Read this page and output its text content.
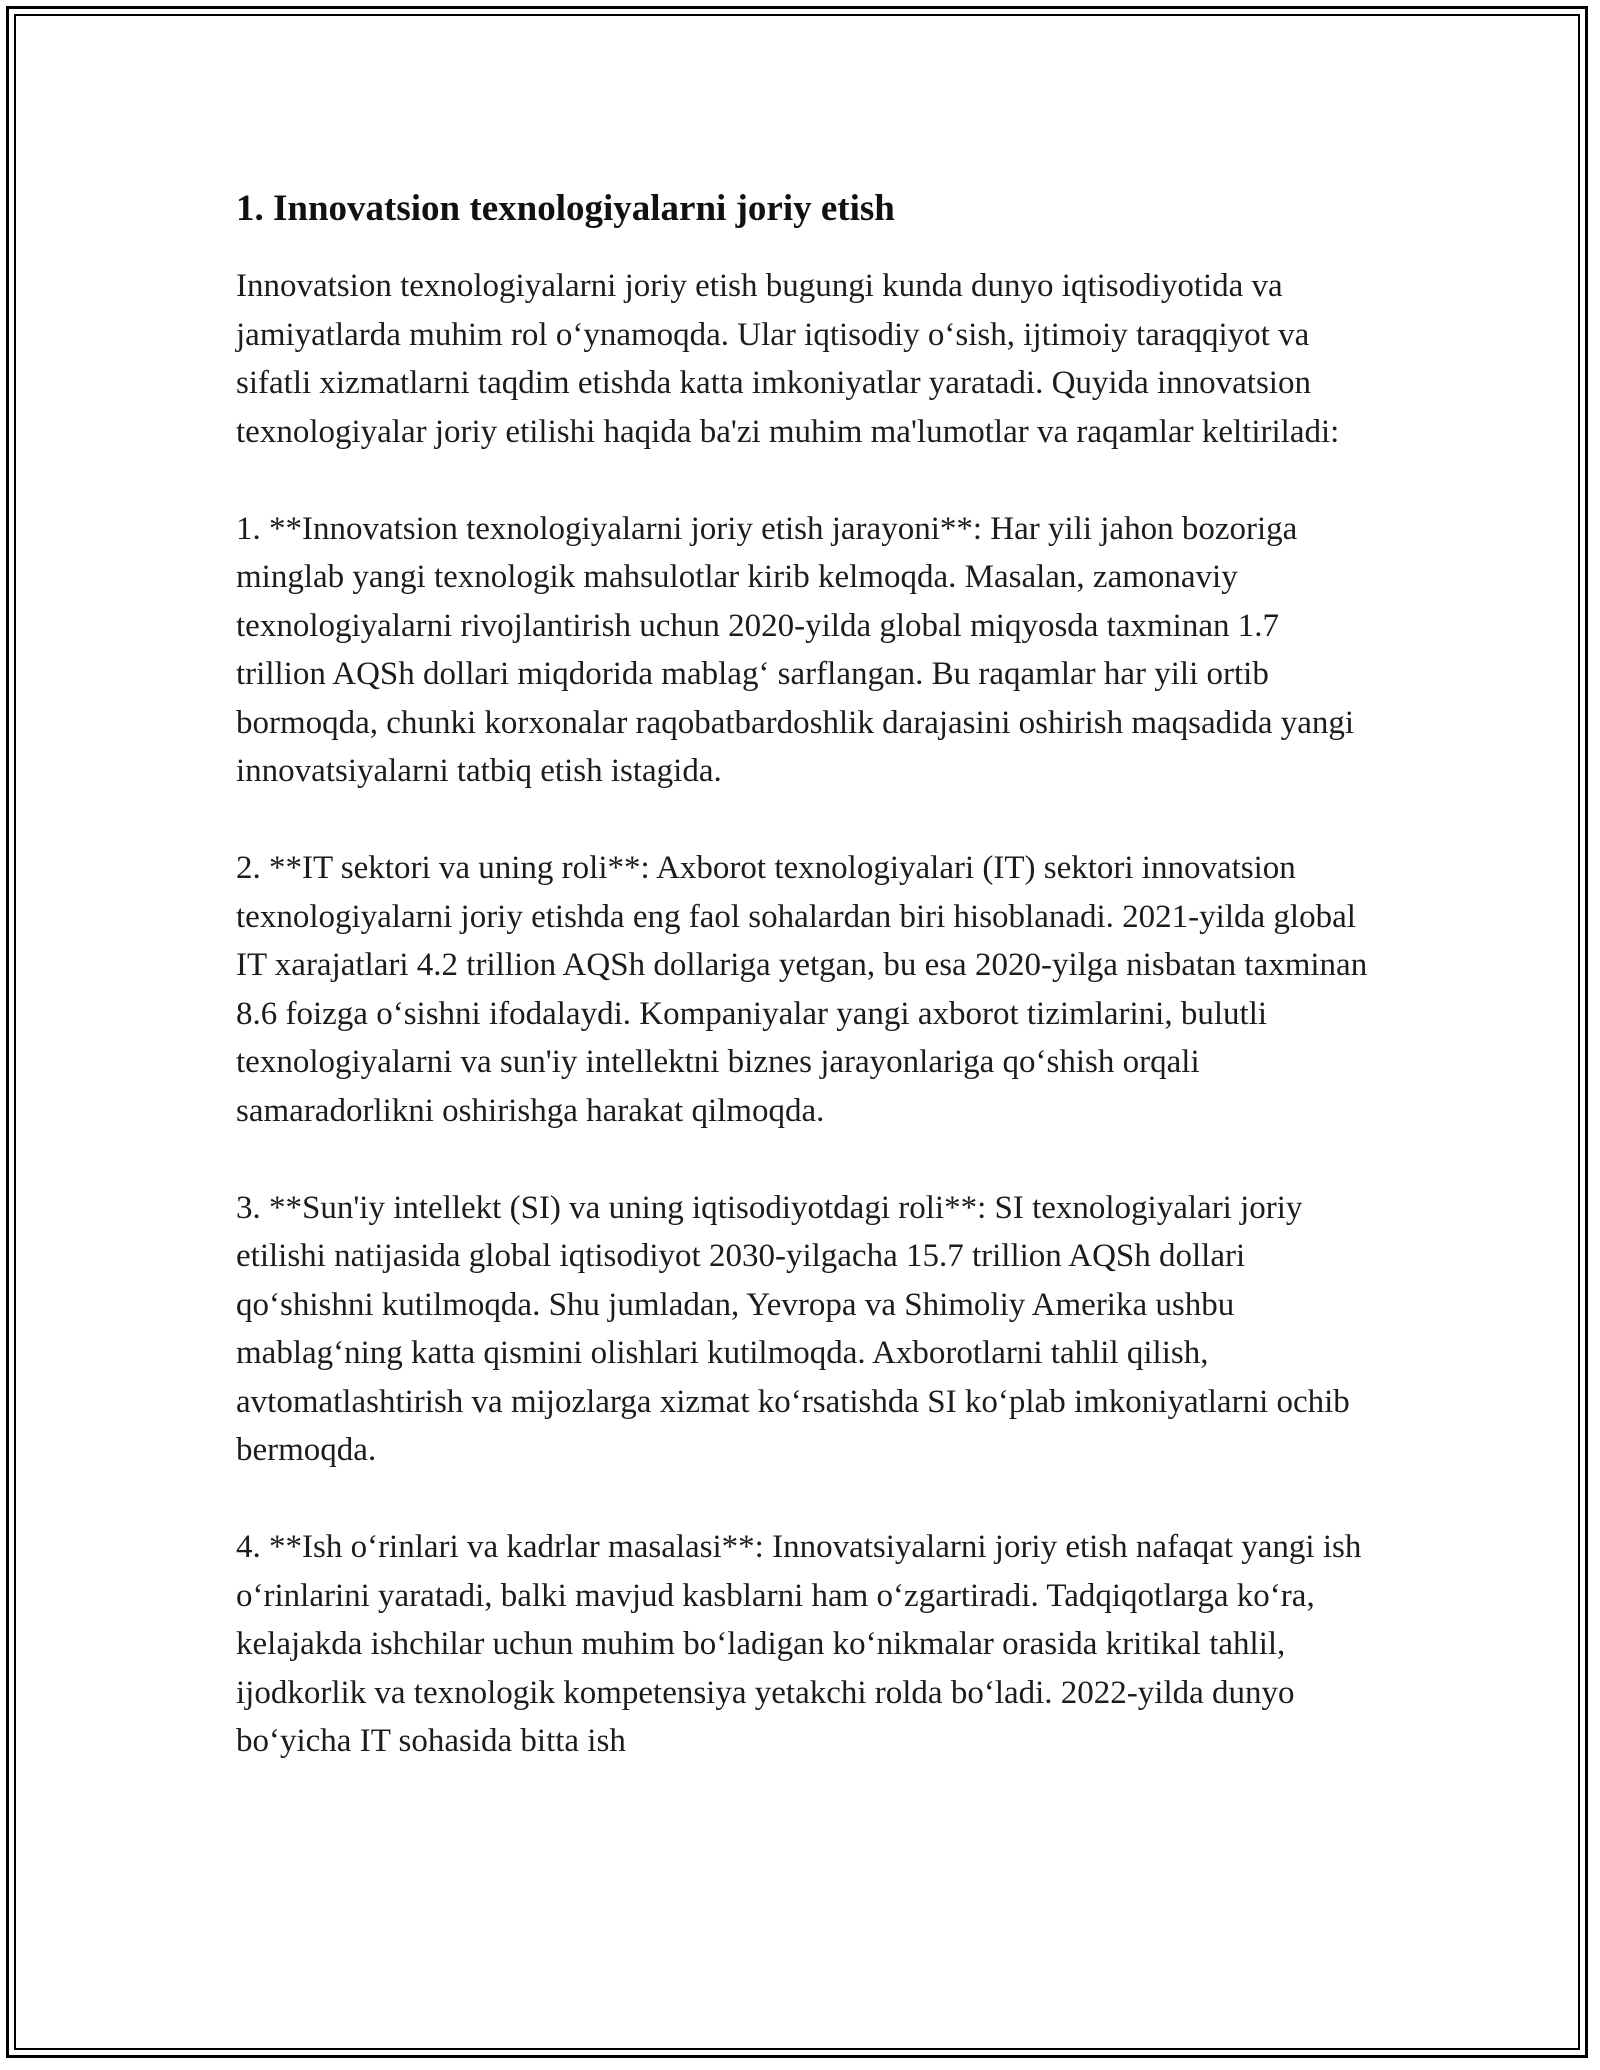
1. Innovatsion texnologiyalarni joriy etish

Innovatsion texnologiyalarni joriy etish bugungi kunda dunyo iqtisodiyotida va jamiyatlarda muhim rol o‘ynamoqda. Ular iqtisodiy o‘sish, ijtimoiy taraqqiyot va sifatli xizmatlarni taqdim etishda katta imkoniyatlar yaratadi. Quyida innovatsion texnologiyalar joriy etilishi haqida ba'zi muhim ma'lumotlar va raqamlar keltiriladi:

1. **Innovatsion texnologiyalarni joriy etish jarayoni**: Har yili jahon bozoriga minglab yangi texnologik mahsulotlar kirib kelmoqda. Masalan, zamonaviy texnologiyalarni rivojlantirish uchun 2020-yilda global miqyosda taxminan 1.7 trillion AQSh dollari miqdorida mablag‘ sarflangan. Bu raqamlar har yili ortib bormoqda, chunki korxonalar raqobatbardoshlik darajasini oshirish maqsadida yangi innovatsiyalarni tatbiq etish istagida.

2. **IT sektori va uning roli**: Axborot texnologiyalari (IT) sektori innovatsion texnologiyalarni joriy etishda eng faol sohalardan biri hisoblanadi. 2021-yilda global IT xarajatlari 4.2 trillion AQSh dollariga yetgan, bu esa 2020-yilga nisbatan taxminan 8.6 foizga o‘sishni ifodalaydi. Kompaniyalar yangi axborot tizimlarini, bulutli texnologiyalarni va sun'iy intellektni biznes jarayonlariga qo‘shish orqali samaradorlikni oshirishga harakat qilmoqda.

3. **Sun'iy intellekt (SI) va uning iqtisodiyotdagi roli**: SI texnologiyalari joriy etilishi natijasida global iqtisodiyot 2030-yilgacha 15.7 trillion AQSh dollari qo‘shishni kutilmoqda. Shu jumladan, Yevropa va Shimoliy Amerika ushbu mablag‘ning katta qismini olishlari kutilmoqda. Axborotlarni tahlil qilish, avtomatlashtirish va mijozlarga xizmat ko‘rsatishda SI ko‘plab imkoniyatlarni ochib bermoqda.

4. **Ish o‘rinlari va kadrlar masalasi**: Innovatsiyalarni joriy etish nafaqat yangi ish o‘rinlarini yaratadi, balki mavjud kasblarni ham o‘zgartiradi. Tadqiqotlarga ko‘ra, kelajakda ishchilar uchun muhim bo‘ladigan ko‘nikmalar orasida kritikal tahlil, ijodkorlik va texnologik kompetensiya yetakchi rolda bo‘ladi. 2022-yilda dunyo bo‘yicha IT sohasida bitta ish
